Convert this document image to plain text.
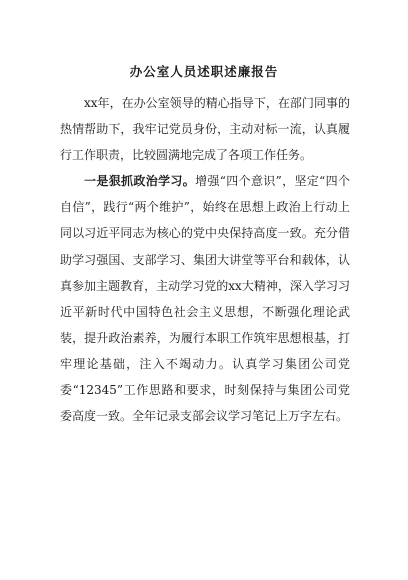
办公室人员述职述廉报告

xx年，在办公室领导的精心指导下，在部门同事的热情帮助下，我牢记党员身份，主动对标一流，认真履行工作职责，比较圆满地完成了各项工作任务。

一是狠抓政治学习。增强“四个意识”，坚定“四个自信”，践行“两个维护”，始终在思想上政治上行动上同以习近平同志为核心的党中央保持高度一致。充分借助学习强国、支部学习、集团大讲堂等平台和载体，认真参加主题教育，主动学习党的xx大精神，深入学习习近平新时代中国特色社会主义思想，不断强化理论武装，提升政治素养，为履行本职工作筑牢思想根基，打牢理论基础，注入不竭动力。认真学习集团公司党委“12345”工作思路和要求，时刻保持与集团公司党委高度一致。全年记录支部会议学习笔记上万字左右。
